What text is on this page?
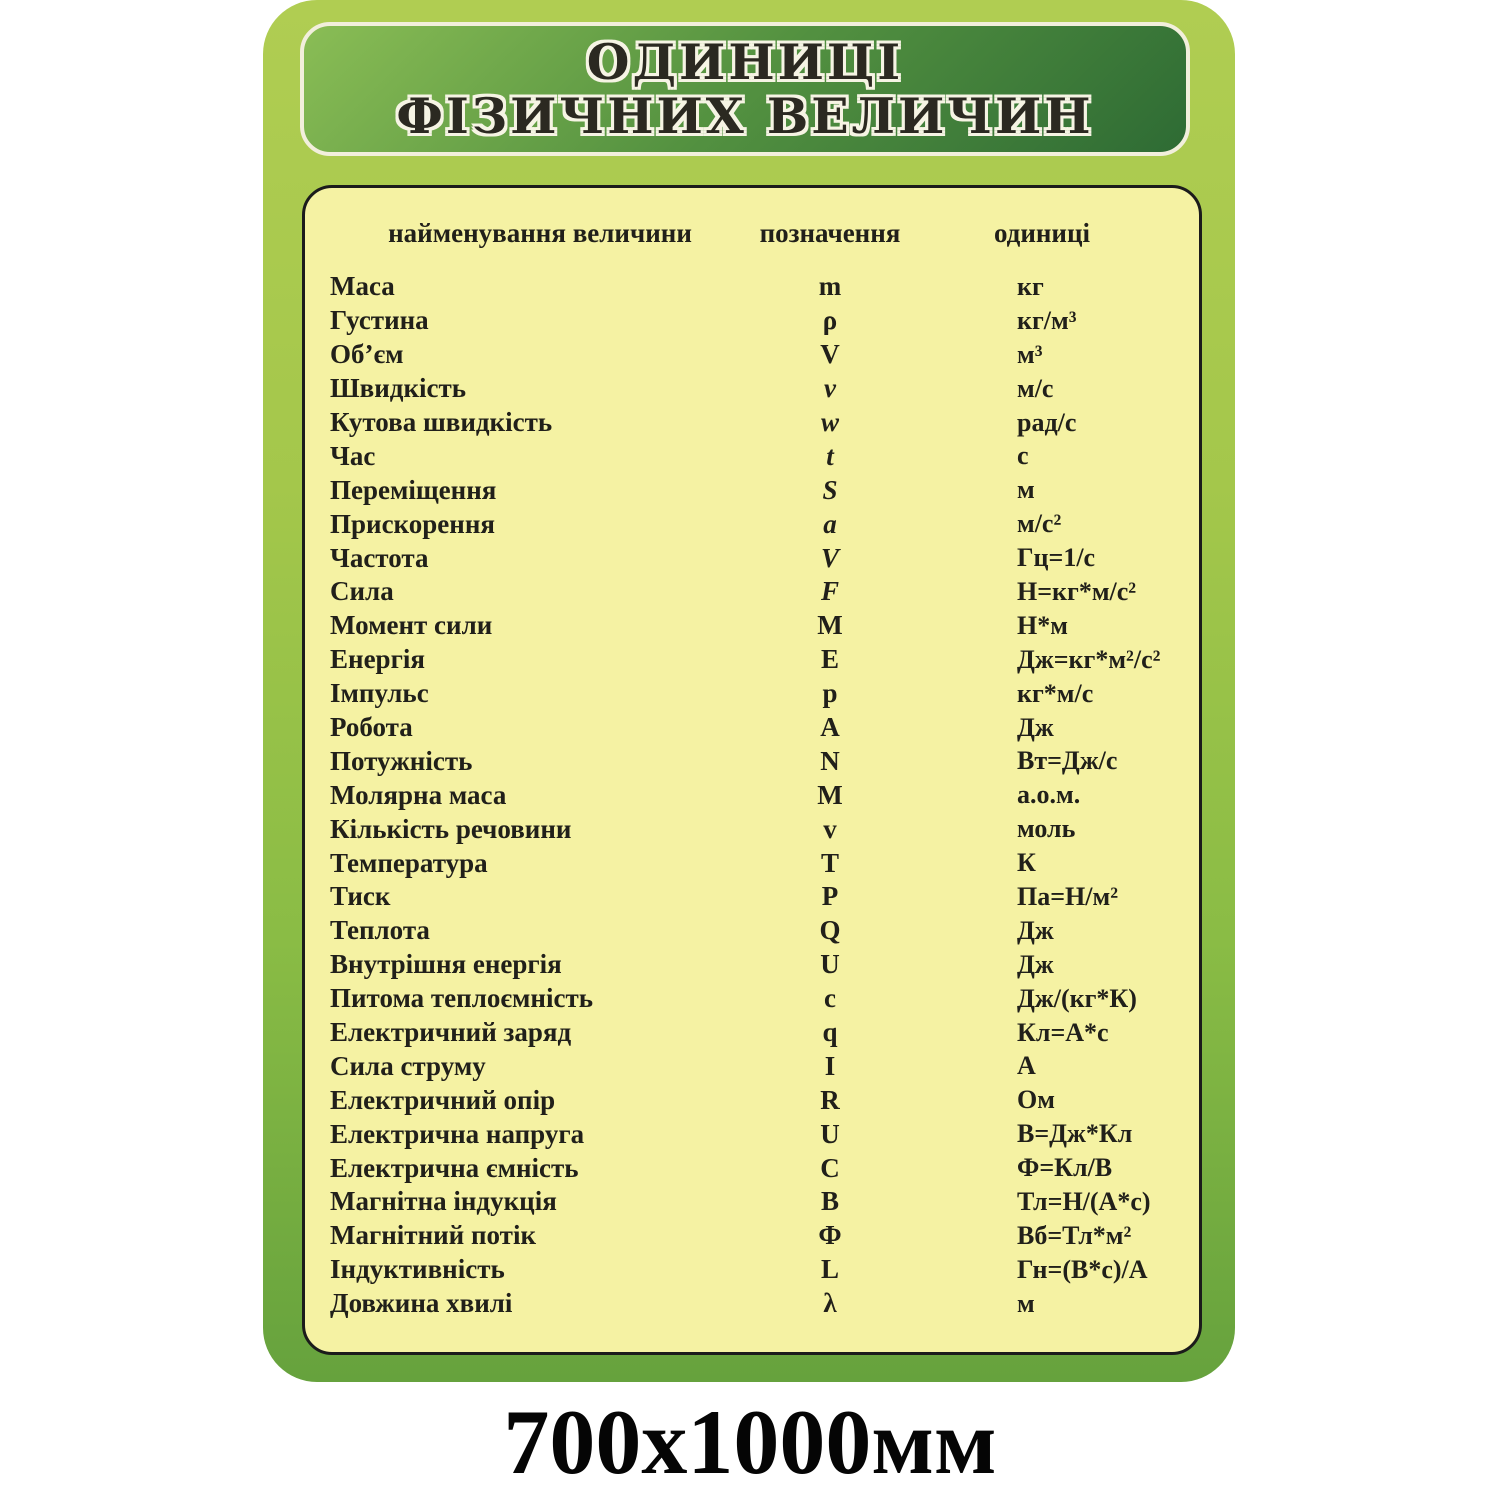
ОДИНИЦІ
ФІЗИЧНИХ ВЕЛИЧИН
найменування величини	позначення	одиниці
Маса	m	кг
Густина	ρ	кг/м³
Об’єм	V	м³
Швидкість	v	м/с
Кутова швидкість	w	рад/с
Час	t	с
Переміщення	S	м
Прискорення	a	м/с²
Частота	V	Гц=1/с
Сила	F	Н=кг*м/с²
Момент сили	M	Н*м
Енергія	E	Дж=кг*м²/с²
Імпульс	p	кг*м/с
Робота	A	Дж
Потужність	N	Вт=Дж/с
Молярна маса	M	а.о.м.
Кількість речовини	v	моль
Температура	T	К
Тиск	P	Па=Н/м²
Теплота	Q	Дж
Внутрішня енергія	U	Дж
Питома теплоємність	c	Дж/(кг*К)
Електричний заряд	q	Кл=А*с
Сила струму	I	А
Електричний опір	R	Ом
Електрична напруга	U	В=Дж*Кл
Електрична ємність	C	Ф=Кл/В
Магнітна індукція	B	Тл=Н/(А*с)
Магнітний потік	Ф	Вб=Тл*м²
Індуктивність	L	Гн=(В*с)/А
Довжина хвилі	λ	м
700x1000мм
